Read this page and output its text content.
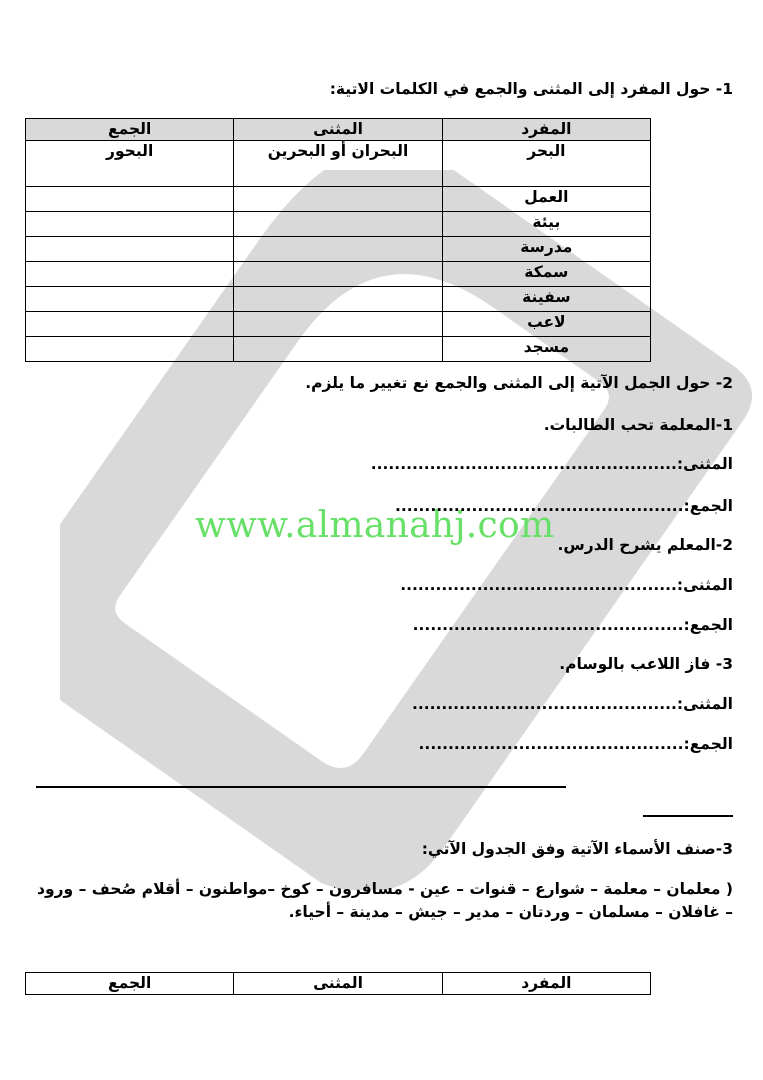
www.almanahj.com
1- حول المفرد إلى المثنى والجمع في الكلمات الاتية:
المفرد	المثنى	الجمع
البحر	البحران أو البحرين	البحور
العمل		
بيئة		
مدرسة		
سمكة		
سفينة		
لاعب		
مسجد		
2- حول الجمل الآتية إلى المثنى والجمع نع تغيير ما يلزم.
1-المعلمة تحب الطالبات.
المثنى:....................................................
الجمع:.................................................
2-المعلم يشرح الدرس.
المثنى:...............................................
الجمع:..............................................
3- فاز اللاعب بالوسام.
المثنى:.............................................
الجمع:.............................................
3-صنف الأسماء الآتية وفق الجدول الآتي:
( معلمان – معلمة – شوارع – قنوات – عين - مسافرون – كوخ –مواطنون – أقلام صُحف – ورود – غافلان – مسلمان – وردتان – مدير – جيش – مدينة – أحياء.
المفرد	المثنى	الجمع
